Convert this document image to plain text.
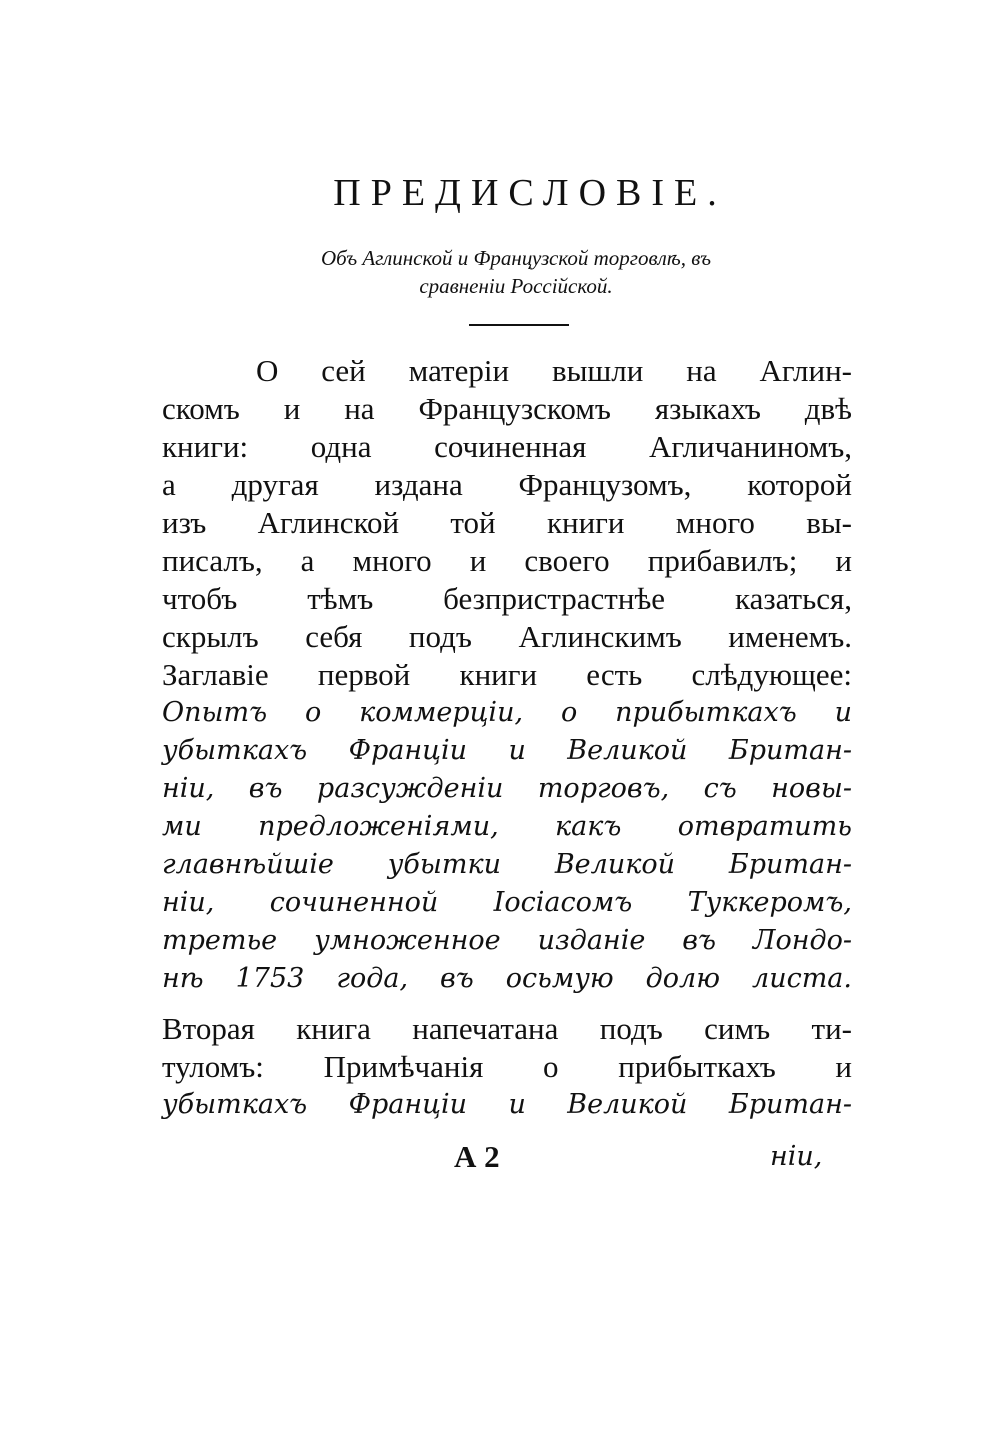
ПРЕДИСЛОВІЕ.
Объ Аглинской и Французской торговлѣ, въ
сравненіи Россійской.
О сей матеріи вышли на Аглин-
скомъ и на Французскомъ языкахъ двѣ
книги: одна сочиненная Агличаниномъ,
а другая издана Французомъ, которой
изъ Аглинской той книги много вы-
писалъ, а много и своего прибавилъ; и
чтобъ тѣмъ безпристрастнѣе казаться,
скрылъ себя подъ Аглинскимъ именемъ.
Заглавіе первой книги есть слѣдующее:
Опытъ о коммерціи, о прибыткахъ и
убыткахъ Франціи и Великой Британ-
ніи, въ разсужденіи торговъ, съ новы-
ми предложеніями, какъ отвратить
главнѣйшіе убытки Великой Британ-
ніи, сочиненной Іосіасомъ Туккеромъ,
третье умноженное изданіе въ Лондо-
нѣ 1753 года, въ осьмую долю листа.
Вторая книга напечатана подъ симъ ти-
туломъ: Примѣчанія о прибыткахъ и
убыткахъ Франціи и Великой Британ-
А 2	ніи,
